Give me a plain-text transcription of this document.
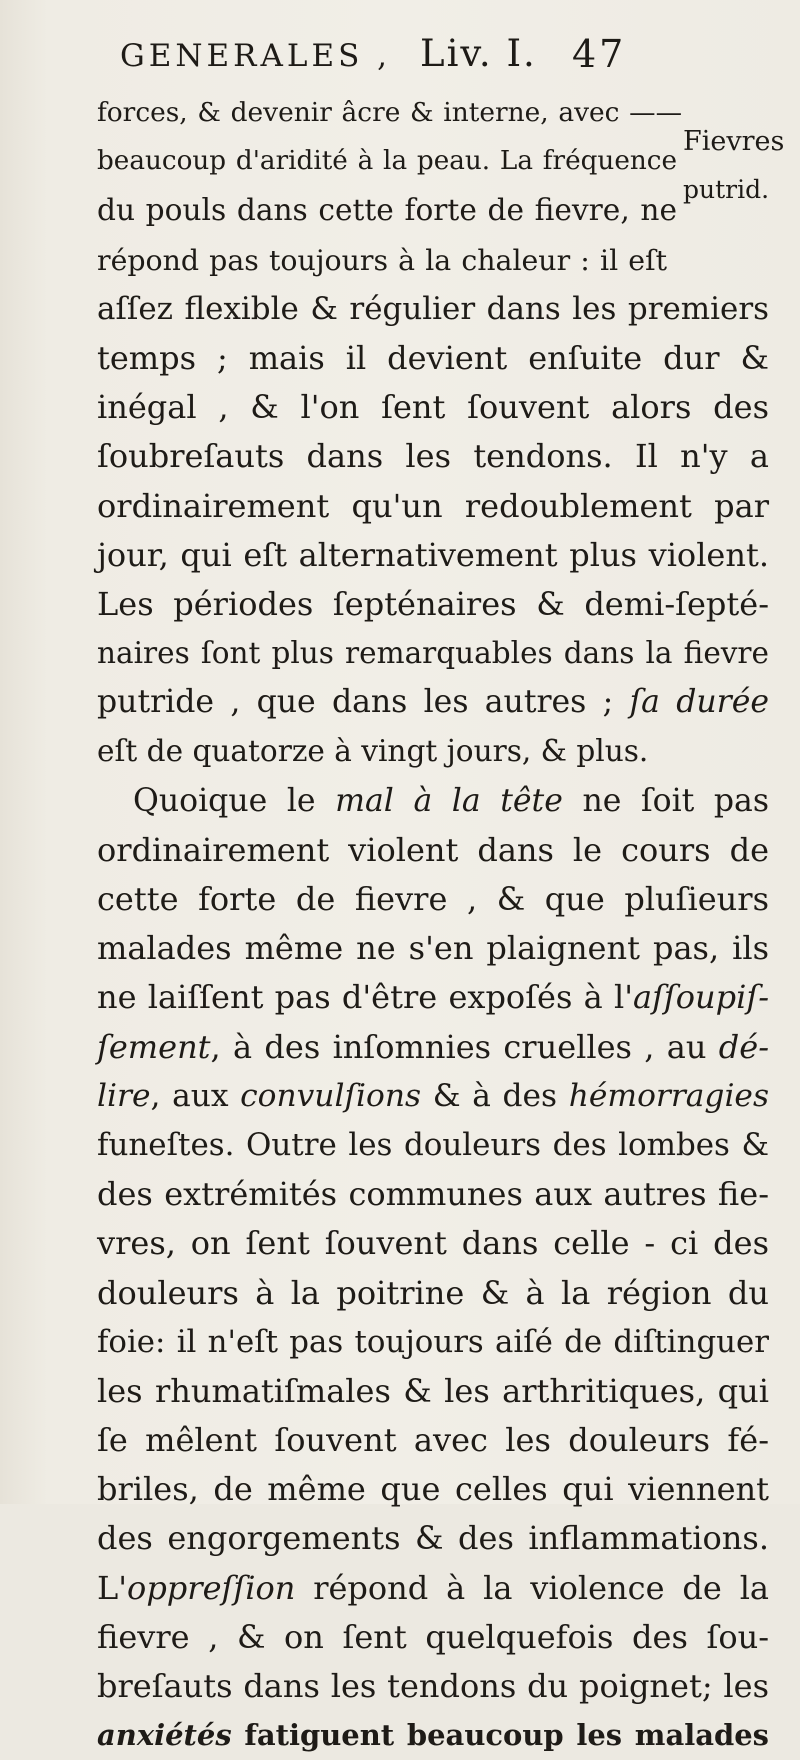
GENERALES , Liv. I. 47
Fievres
putrid.
forces, & devenir âcre & interne, avec ——
beaucoup d'aridité à la peau. La fréquence
du pouls dans cette forte de fievre, ne
répond pas toujours à la chaleur : il eſt
aſſez flexible & régulier dans les premiers
temps ; mais il devient enſuite dur &
inégal , & l'on ſent ſouvent alors des
ſoubreſauts dans les tendons. Il n'y a
ordinairement qu'un redoublement par
jour, qui eſt alternativement plus violent.
Les périodes ſepténaires & demi-ſepté-
naires ſont plus remarquables dans la fievre
putride , que dans les autres ; ſa durée
eſt de quatorze à vingt jours, & plus.
Quoique le mal à la tête ne ſoit pas
ordinairement violent dans le cours de
cette forte de fievre , & que pluſieurs
malades même ne s'en plaignent pas, ils
ne laiſſent pas d'être expoſés à l'aſſoupiſ-
ſement, à des inſomnies cruelles , au dé-
lire, aux convulſions & à des hémorragies
funeſtes. Outre les douleurs des lombes &
des extrémités communes aux autres fie-
vres, on ſent ſouvent dans celle - ci des
douleurs à la poitrine & à la région du
foie: il n'eſt pas toujours aiſé de diſtinguer
les rhumatiſmales & les arthritiques, qui
ſe mêlent ſouvent avec les douleurs fé-
briles, de même que celles qui viennent
des engorgements & des inflammations.
L'oppreſſion répond à la violence de la
fievre , & on ſent quelquefois des ſou-
breſauts dans les tendons du poignet; les
anxiétés fatiguent beaucoup les malades
